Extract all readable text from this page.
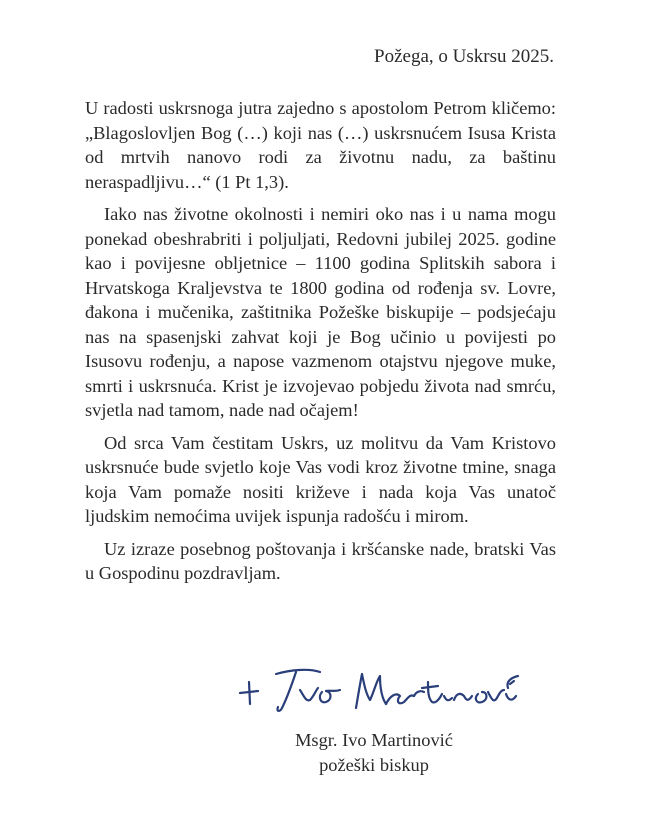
Požega, o Uskrsu 2025.

U radosti uskrsnoga jutra zajedno s apostolom Petrom kličemo: „Blagoslovljen Bog (…) koji nas (…) uskrsnućem Isusa Krista od mrtvih nanovo rodi za životnu nadu, za baštinu neraspadljivu…“ (1 Pt 1,3).

Iako nas životne okolnosti i nemiri oko nas i u nama mogu ponekad obeshrabriti i poljuljati, Redovni jubilej 2025. godine kao i povijesne obljetnice – 1100 godina Splitskih sabora i Hrvatskoga Kraljevstva te 1800 godina od rođenja sv. Lovre, đakona i mučenika, zaštitnika Požeške biskupije – podsjećaju nas na spasenjski zahvat koji je Bog učinio u povijesti po Isusovu rođenju, a napose vazmenom otajstvu njegove muke, smrti i uskrsnuća. Krist je izvojevao pobjedu života nad smrću, svjetla nad tamom, nade nad očajem!

Od srca Vam čestitam Uskrs, uz molitvu da Vam Kristovo uskrsnuće bude svjetlo koje Vas vodi kroz životne tmine, snaga koja Vam pomaže nositi križeve i nada koja Vas unatoč ljudskim nemoćima uvijek ispunja radošću i mirom.

Uz izraze posebnog poštovanja i kršćanske nade, bratski Vas u Gospodinu pozdravljam.

Msgr. Ivo Martinović
požeški biskup
